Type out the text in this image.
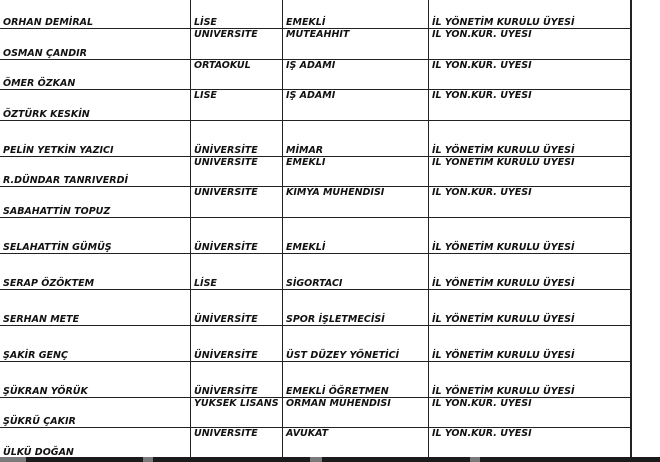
ORHAN DEMİRAL	LİSE	EMEKLİ	İL YÖNETİM KURULU ÜYESİ
OSMAN ÇANDIR	ÜNİVERSİTE	MÜTEAHHİT	İL YÖN.KUR. ÜYESİ
ÖMER ÖZKAN	ORTAOKUL	İŞ ADAMI	İL YÖN.KUR. ÜYESİ
ÖZTÜRK KESKİN	LİSE	İŞ ADAMI	İL YÖN.KUR. ÜYESİ
PELİN YETKİN YAZICI	ÜNİVERSİTE	MİMAR	İL YÖNETİM KURULU ÜYESİ
R.DÜNDAR TANRIVERDİ	ÜNİVERSİTE	EMEKLİ	İL YÖNETİM KURULU ÜYESİ
SABAHATTİN TOPUZ	ÜNİVERSİTE	KİMYA MÜHENDİSİ	İL YÖN.KUR. ÜYESİ
SELAHATTİN GÜMÜŞ	ÜNİVERSİTE	EMEKLİ	İL YÖNETİM KURULU ÜYESİ
SERAP ÖZÖKTEM	LİSE	SİGORTACI	İL YÖNETİM KURULU ÜYESİ
SERHAN METE	ÜNİVERSİTE	SPOR İŞLETMECİSİ	İL YÖNETİM KURULU ÜYESİ
ŞAKİR GENÇ	ÜNİVERSİTE	ÜST DÜZEY YÖNETİCİ	İL YÖNETİM KURULU ÜYESİ
ŞÜKRAN YÖRÜK	ÜNİVERSİTE	EMEKLİ ÖĞRETMEN	İL YÖNETİM KURULU ÜYESİ
ŞÜKRÜ ÇAKIR	YÜKSEK LİSANS	ORMAN MÜHENDİSİ	İL YÖN.KUR. ÜYESİ
ÜLKÜ DOĞAN	ÜNİVERSİTE	AVUKAT	İL YÖN.KUR. ÜYESİ
